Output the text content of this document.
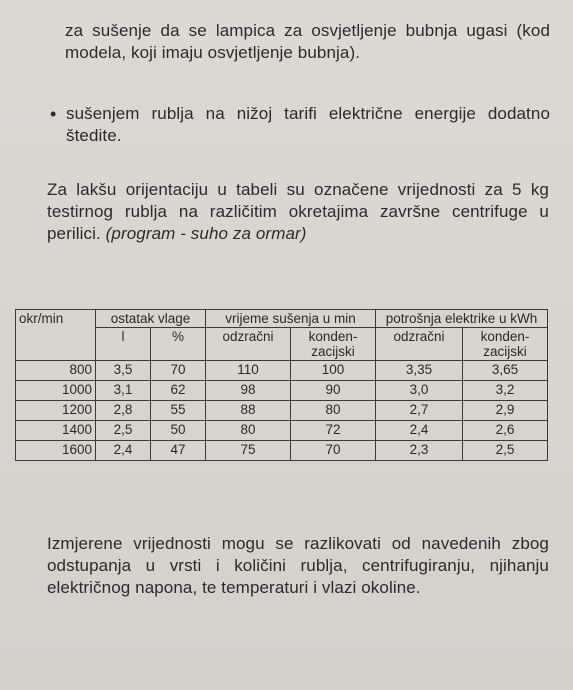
za sušenje da se lampica za osvjetljenje bubnja ugasi (kod modela, koji imaju osvjetljenje bubnja).

• sušenjem rublja na nižoj tarifi električne energije dodatno štedite.

Za lakšu orijentaciju u tabeli su označene vrijednosti za 5 kg testirnog rublja na različitim okretajima završne centrifuge u perilici. (program - suho za ormar)

okr/min	ostatak vlage		vrijeme sušenja u min		potrošnja elektrike u kWh	
	l	%	odzračni	konden-zacijski	odzračni	konden-zacijski
800	3,5	70	110	100	3,35	3,65
1000	3,1	62	98	90	3,0	3,2
1200	2,8	55	88	80	2,7	2,9
1400	2,5	50	80	72	2,4	2,6
1600	2,4	47	75	70	2,3	2,5

Izmjerene vrijednosti mogu se razlikovati od navedenih zbog odstupanja u vrsti i količini rublja, centrifugiranju, njihanju električnog napona, te temperaturi i vlazi okoline.
